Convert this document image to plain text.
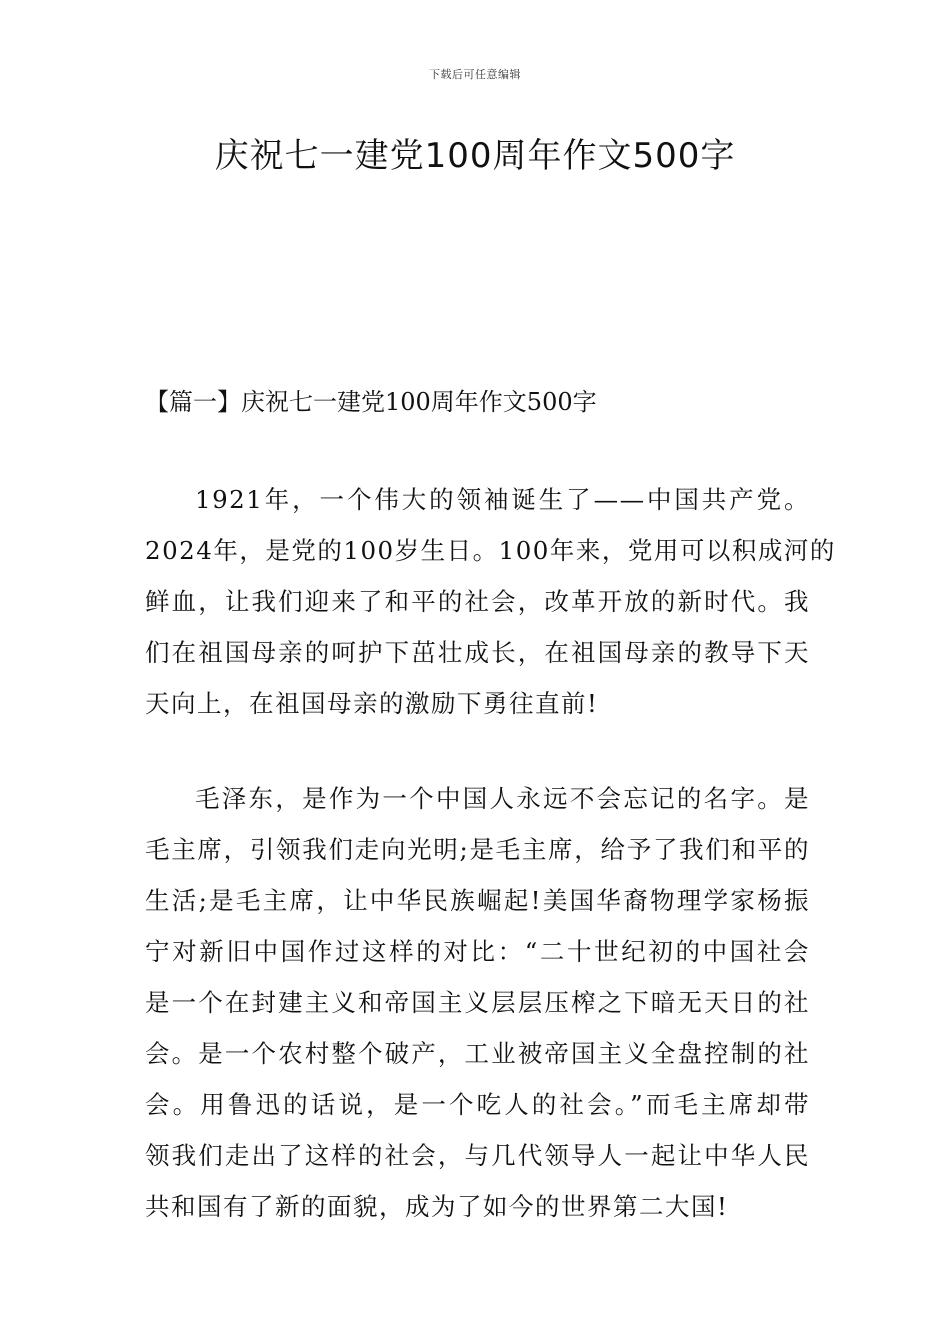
下载后可任意编辑
庆祝七一建党100周年作文500字
【篇一】庆祝七一建党100周年作文500字
1921年，一个伟大的领袖诞生了——中国共产党。
2024年，是党的100岁生日。100年来，党用可以积成河的
鲜血，让我们迎来了和平的社会，改革开放的新时代。我
们在祖国母亲的呵护下茁壮成长，在祖国母亲的教导下天
天向上，在祖国母亲的激励下勇往直前!
毛泽东，是作为一个中国人永远不会忘记的名字。是
毛主席，引领我们走向光明;是毛主席，给予了我们和平的
生活;是毛主席，让中华民族崛起!美国华裔物理学家杨振
宁对新旧中国作过这样的对比：“二十世纪初的中国社会
是一个在封建主义和帝国主义层层压榨之下暗无天日的社
会。是一个农村整个破产，工业被帝国主义全盘控制的社
会。用鲁迅的话说，是一个吃人的社会。”而毛主席却带
领我们走出了这样的社会，与几代领导人一起让中华人民
共和国有了新的面貌，成为了如今的世界第二大国!
